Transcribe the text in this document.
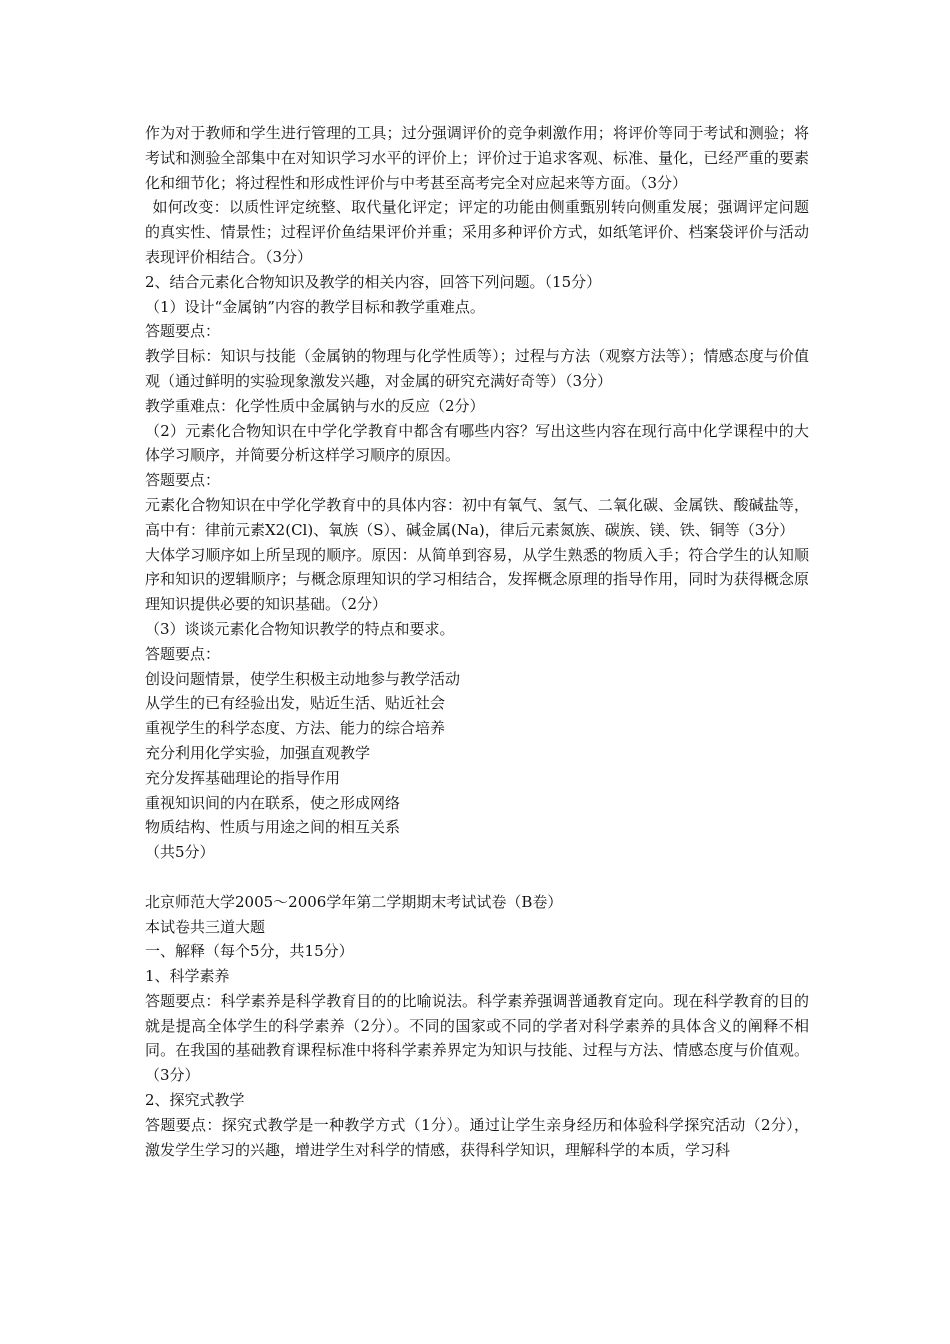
作为对于教师和学生进行管理的工具；过分强调评价的竞争刺激作用；将评价等同于考试和测验；将考试和测验全部集中在对知识学习水平的评价上；评价过于追求客观、标准、量化，已经严重的要素化和细节化；将过程性和形成性评价与中考甚至高考完全对应起来等方面。（3分）

如何改变：以质性评定统整、取代量化评定；评定的功能由侧重甄别转向侧重发展；强调评定问题的真实性、情景性；过程评价鱼结果评价并重；采用多种评价方式，如纸笔评价、档案袋评价与活动表现评价相结合。（3分）

2、结合元素化合物知识及教学的相关内容，回答下列问题。（15分）

（1）设计“金属钠”内容的教学目标和教学重难点。

答题要点：

教学目标：知识与技能（金属钠的物理与化学性质等）；过程与方法（观察方法等）；情感态度与价值观（通过鲜明的实验现象激发兴趣，对金属的研究充满好奇等）（3分）

教学重难点：化学性质中金属钠与水的反应（2分）

（2）元素化合物知识在中学化学教育中都含有哪些内容？写出这些内容在现行高中化学课程中的大体学习顺序，并简要分析这样学习顺序的原因。

答题要点：

元素化合物知识在中学化学教育中的具体内容：初中有氧气、氢气、二氧化碳、金属铁、酸碱盐等，高中有：律前元素X2(Cl)、氧族（S）、碱金属(Na)，律后元素氮族、碳族、镁、铁、铜等（3分）

大体学习顺序如上所呈现的顺序。原因：从简单到容易，从学生熟悉的物质入手；符合学生的认知顺序和知识的逻辑顺序；与概念原理知识的学习相结合，发挥概念原理的指导作用，同时为获得概念原理知识提供必要的知识基础。（2分）

（3）谈谈元素化合物知识教学的特点和要求。

答题要点：

创设问题情景，使学生积极主动地参与教学活动

从学生的已有经验出发，贴近生活、贴近社会

重视学生的科学态度、方法、能力的综合培养

充分利用化学实验，加强直观教学

充分发挥基础理论的指导作用

重视知识间的内在联系，使之形成网络

物质结构、性质与用途之间的相互关系

（共5分）

北京师范大学2005～2006学年第二学期期末考试试卷（B卷）

本试卷共三道大题

一、解释（每个5分，共15分）

1、科学素养

答题要点：科学素养是科学教育目的的比喻说法。科学素养强调普通教育定向。现在科学教育的目的就是提高全体学生的科学素养（2分）。不同的国家或不同的学者对科学素养的具体含义的阐释不相同。在我国的基础教育课程标准中将科学素养界定为知识与技能、过程与方法、情感态度与价值观。（3分）

2、探究式教学

答题要点：探究式教学是一种教学方式（1分）。通过让学生亲身经历和体验科学探究活动（2分），激发学生学习的兴趣，增进学生对科学的情感，获得科学知识，理解科学的本质，学习科
